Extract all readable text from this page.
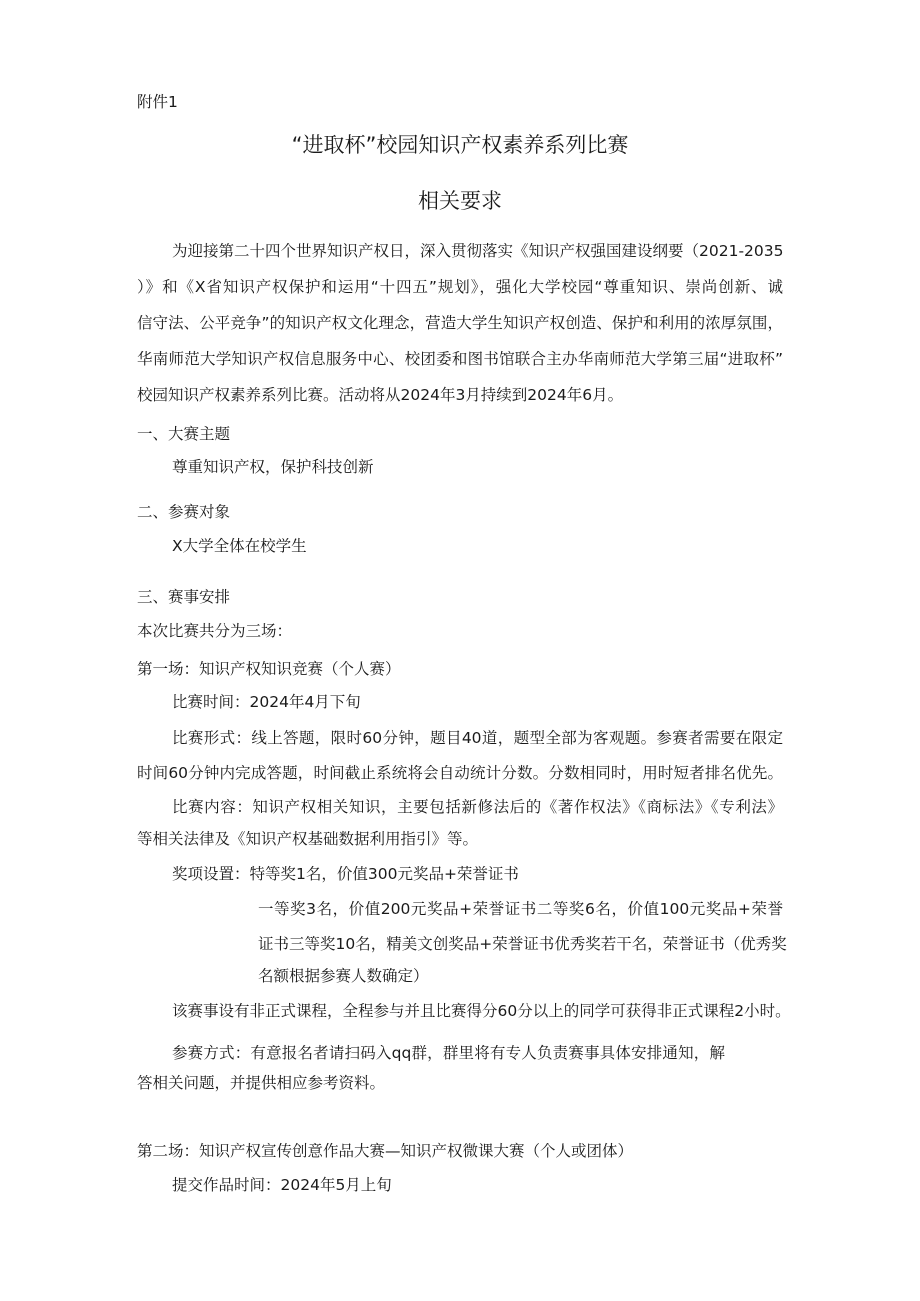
附件1
“进取杯”校园知识产权素养系列比赛
相关要求
为迎接第二十四个世界知识产权日，深入贯彻落实《知识产权强国建设纲要（2021-2035
）》和《X省知识产权保护和运用“十四五”规划》，强化大学校园“尊重知识、崇尚创新、诚
信守法、公平竞争”的知识产权文化理念，营造大学生知识产权创造、保护和利用的浓厚氛围，
华南师范大学知识产权信息服务中心、校团委和图书馆联合主办华南师范大学第三届“进取杯”
校园知识产权素养系列比赛。活动将从2024年3月持续到2024年6月。
一、大赛主题
尊重知识产权，保护科技创新
二、参赛对象
X大学全体在校学生
三、赛事安排
本次比赛共分为三场：
第一场：知识产权知识竞赛（个人赛）
比赛时间：2024年4月下旬
比赛形式：线上答题，限时60分钟，题目40道，题型全部为客观题。参赛者需要在限定
时间60分钟内完成答题，时间截止系统将会自动统计分数。分数相同时，用时短者排名优先。
比赛内容：知识产权相关知识，主要包括新修法后的《著作权法》《商标法》《专利法》
等相关法律及《知识产权基础数据利用指引》等。
奖项设置：特等奖1名，价值300元奖品+荣誉证书
一等奖3名，价值200元奖品+荣誉证书二等奖6名，价值100元奖品+荣誉
证书三等奖10名，精美文创奖品+荣誉证书优秀奖若干名，荣誉证书（优秀奖
名额根据参赛人数确定）
该赛事设有非正式课程，全程参与并且比赛得分60分以上的同学可获得非正式课程2小时。
参赛方式：有意报名者请扫码入qq群，群里将有专人负责赛事具体安排通知，解
答相关问题，并提供相应参考资料。
第二场：知识产权宣传创意作品大赛—知识产权微课大赛（个人或团体）
提交作品时间：2024年5月上旬
